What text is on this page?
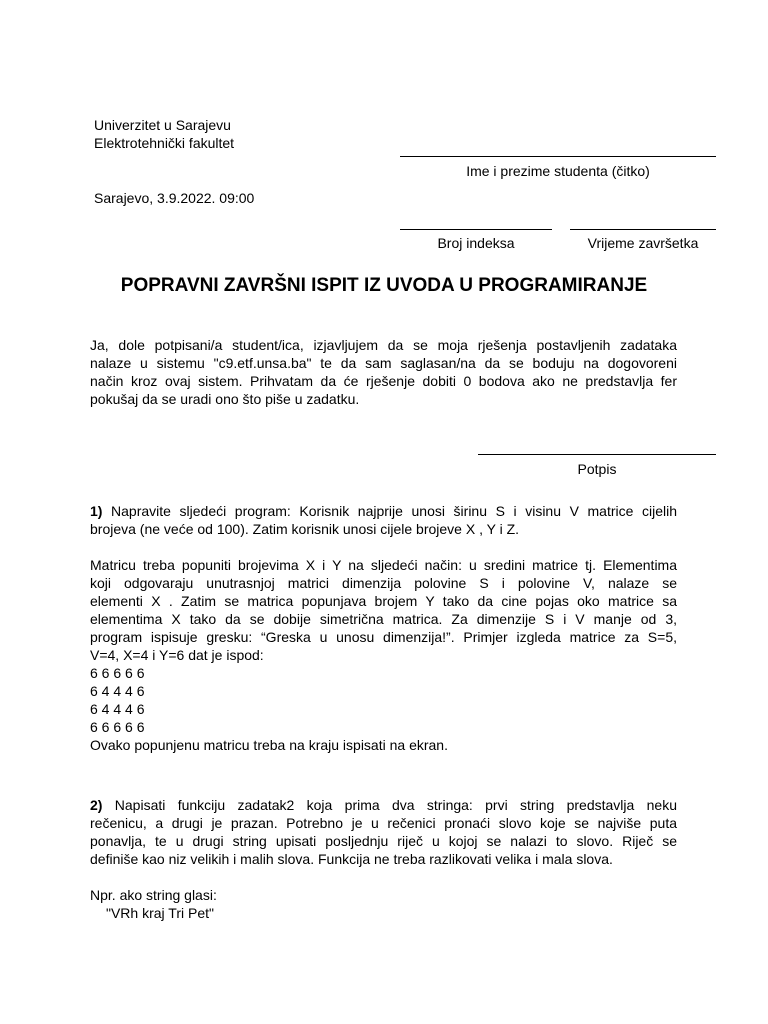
Univerzitet u Sarajevu
Elektrotehnički fakultet
Sarajevo, 3.9.2022. 09:00
Ime i prezime studenta (čitko)
Broj indeksa	Vrijeme završetka
POPRAVNI ZAVRŠNI ISPIT IZ UVODA U PROGRAMIRANJE

Ja, dole potpisani/a student/ica, izjavljujem da se moja rješenja postavljenih zadataka

nalaze u sistemu "c9.etf.unsa.ba" te da sam saglasan/na da se boduju na dogovoreni

način kroz ovaj sistem. Prihvatam da će rješenje dobiti 0 bodova ako ne predstavlja fer

pokušaj da se uradi ono što piše u zadatku.

Potpis

1) Napravite sljedeći program: Korisnik najprije unosi širinu S i visinu V matrice cijelih

brojeva (ne veće od 100). Zatim korisnik unosi cijele brojeve X , Y i Z.

Matricu treba popuniti brojevima X i Y na sljedeći način: u sredini matrice tj. Elementima

koji odgovaraju unutrasnjoj matrici dimenzija polovine S i polovine V, nalaze se

elementi X . Zatim se matrica popunjava brojem Y tako da cine pojas oko matrice sa

elementima X tako da se dobije simetrična matrica. Za dimenzije S i V manje od 3,

program ispisuje gresku: “Greska u unosu dimenzija!”. Primjer izgleda matrice za S=5,

V=4, X=4 i Y=6 dat je ispod:

6 6 6 6 6

6 4 4 4 6

6 4 4 4 6

6 6 6 6 6

Ovako popunjenu matricu treba na kraju ispisati na ekran.

2) Napisati funkciju zadatak2 koja prima dva stringa: prvi string predstavlja neku

rečenicu, a drugi je prazan. Potrebno je u rečenici pronaći slovo koje se najviše puta

ponavlja, te u drugi string upisati posljednju riječ u kojoj se nalazi to slovo. Riječ se

definiše kao niz velikih i malih slova. Funkcija ne treba razlikovati velika i mala slova.

Npr. ako string glasi:
"VRh kraj Tri Pet"
